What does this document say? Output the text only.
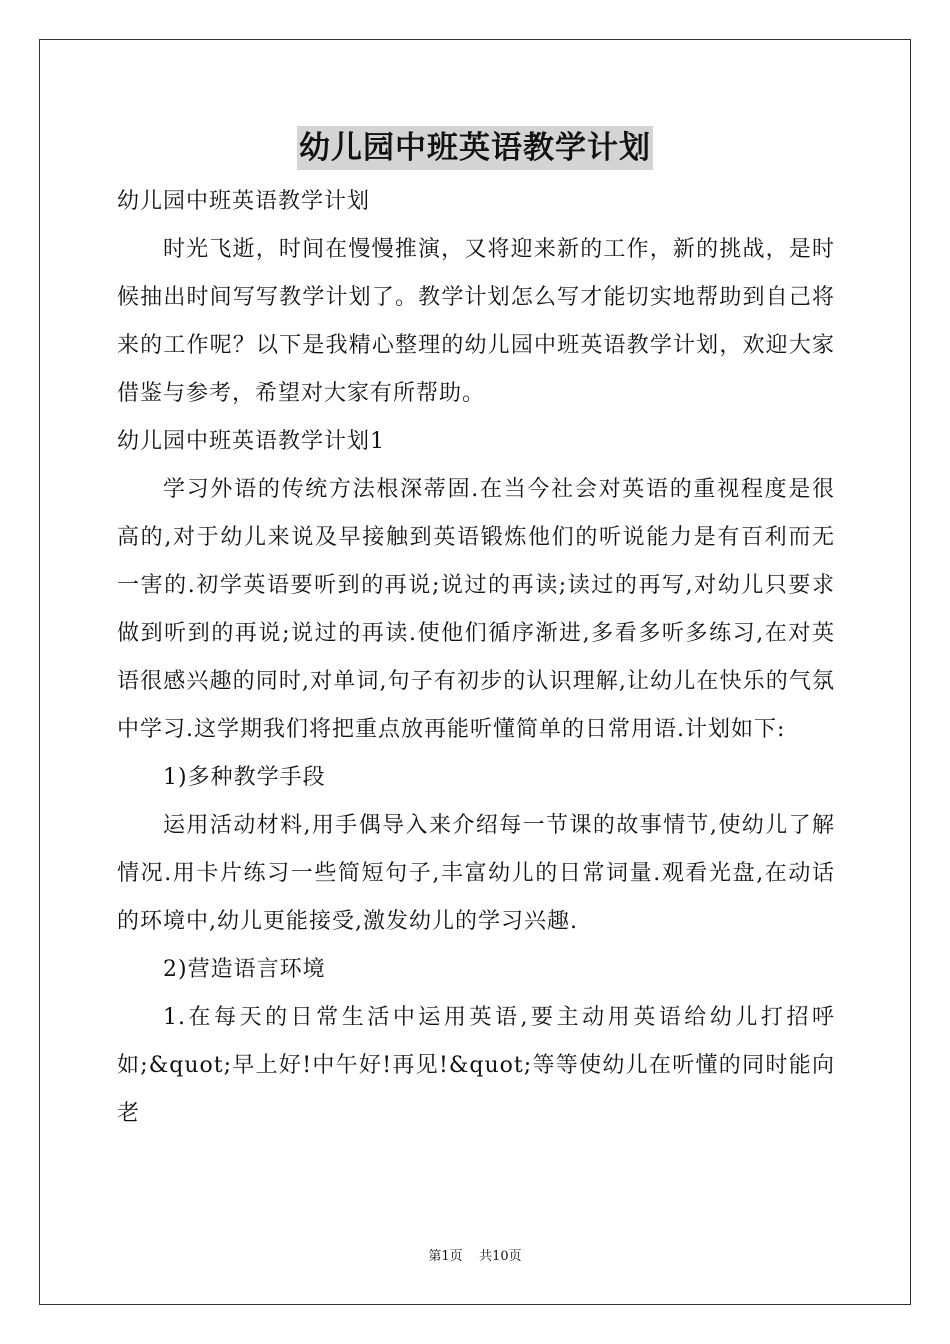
幼儿园中班英语教学计划

幼儿园中班英语教学计划

时光飞逝，时间在慢慢推演，又将迎来新的工作，新的挑战，是时候抽出时间写写教学计划了。教学计划怎么写才能切实地帮助到自己将来的工作呢？以下是我精心整理的幼儿园中班英语教学计划，欢迎大家借鉴与参考，希望对大家有所帮助。

幼儿园中班英语教学计划1

学习外语的传统方法根深蒂固.在当今社会对英语的重视程度是很高的,对于幼儿来说及早接触到英语锻炼他们的听说能力是有百利而无一害的.初学英语要听到的再说;说过的再读;读过的再写,对幼儿只要求做到听到的再说;说过的再读.使他们循序渐进,多看多听多练习,在对英语很感兴趣的同时,对单词,句子有初步的认识理解,让幼儿在快乐的气氛中学习.这学期我们将把重点放再能听懂简单的日常用语.计划如下:

1)多种教学手段

运用活动材料,用手偶导入来介绍每一节课的故事情节,使幼儿了解情况.用卡片练习一些简短句子,丰富幼儿的日常词量.观看光盘,在动话的环境中,幼儿更能接受,激发幼儿的学习兴趣.

2)营造语言环境

1.在每天的日常生活中运用英语,要主动用英语给幼儿打招呼如;&quot;早上好!中午好!再见!&quot;等等使幼儿在听懂的同时能向老

第1页    共10页
